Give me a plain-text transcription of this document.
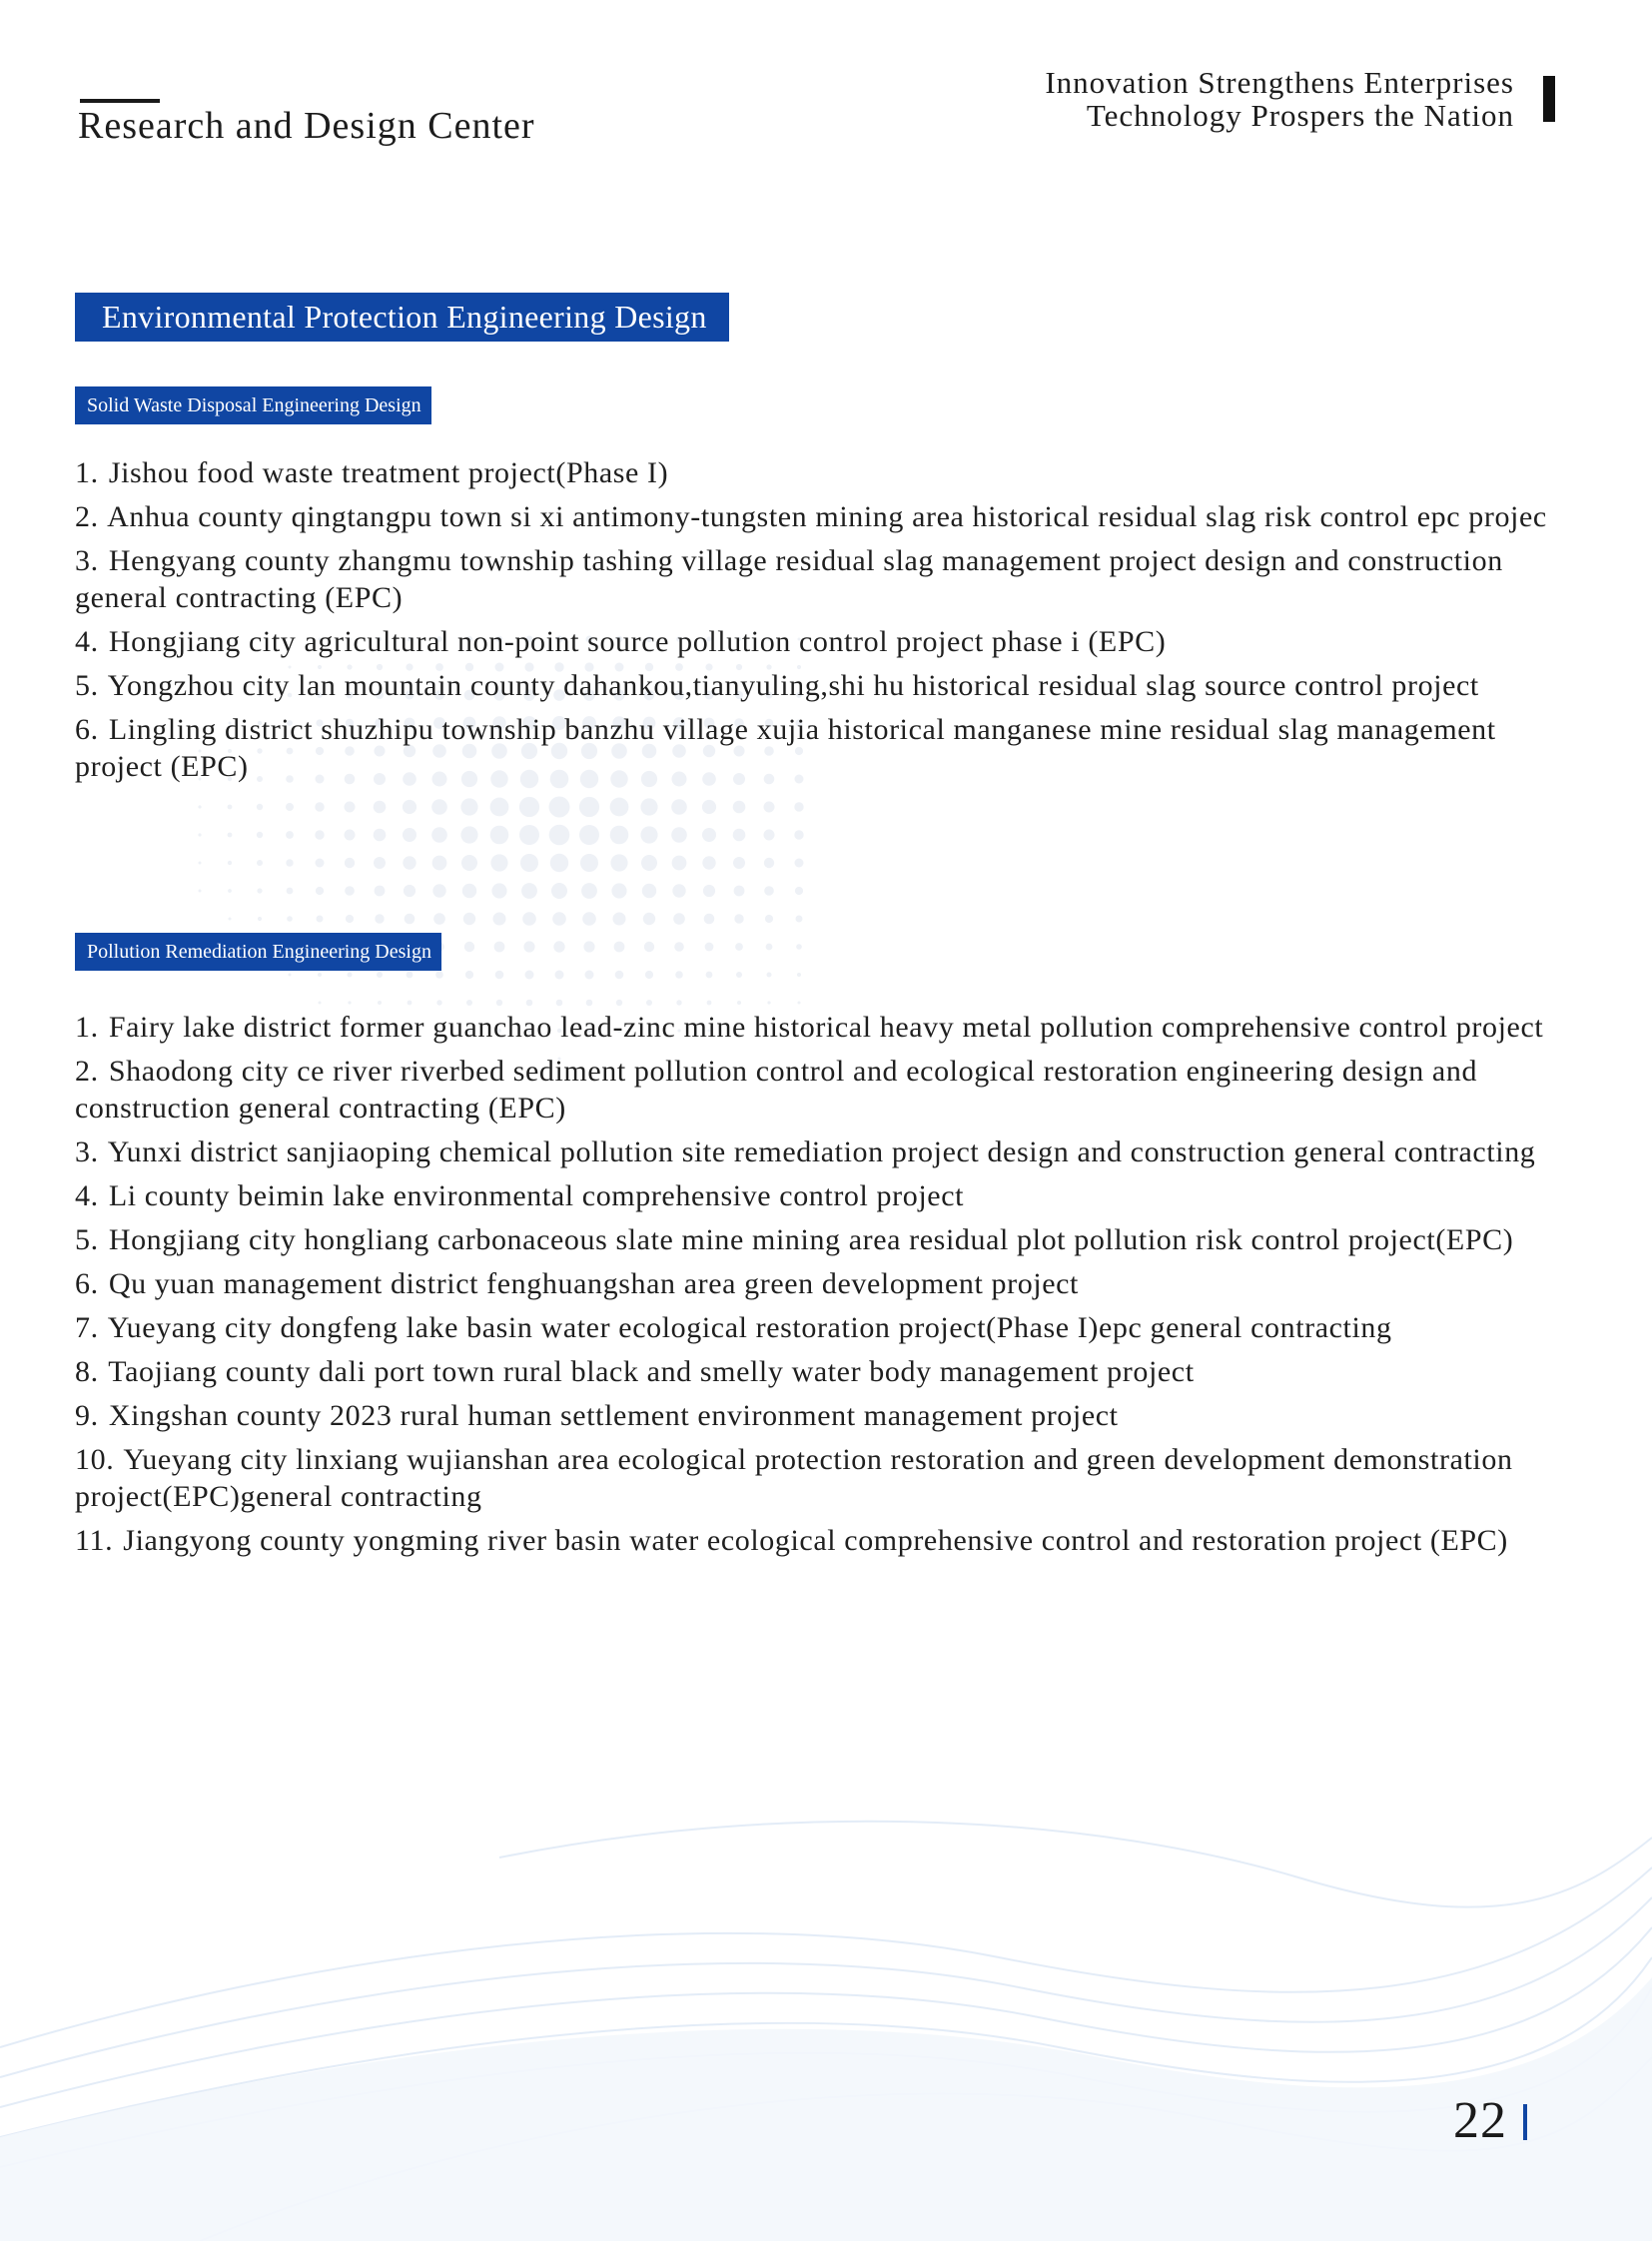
Research and Design Center
Innovation Strengthens Enterprises
Technology Prospers the Nation
Environmental Protection Engineering Design
Solid Waste Disposal Engineering Design
1. Jishou food waste treatment project(Phase I)
2. Anhua county qingtangpu town si xi antimony-tungsten mining area historical residual slag risk control epc projec
3. Hengyang county zhangmu township tashing village residual slag management project design and construction general contracting (EPC)
4. Hongjiang city agricultural non-point source pollution control project phase i (EPC)
5. Yongzhou city lan mountain county dahankou,tianyuling,shi hu historical residual slag source control project
6. Lingling district shuzhipu township banzhu village xujia historical manganese mine residual slag management project (EPC)
Pollution Remediation Engineering Design
1. Fairy lake district former guanchao lead-zinc mine historical heavy metal pollution comprehensive control project
2. Shaodong city ce river riverbed sediment pollution control and ecological restoration engineering design and construction general contracting (EPC)
3. Yunxi district sanjiaoping chemical pollution site remediation project design and construction general contracting
4. Li county beimin lake environmental comprehensive control project
5. Hongjiang city hongliang carbonaceous slate mine mining area residual plot pollution risk control project(EPC)
6. Qu yuan management district fenghuangshan area green development project
7. Yueyang city dongfeng lake basin water ecological restoration project(Phase I)epc general contracting
8. Taojiang county dali port town rural black and smelly water body management project
9. Xingshan county 2023 rural human settlement environment management project
10. Yueyang city linxiang wujianshan area ecological protection restoration and green development demonstration project(EPC)general contracting
11. Jiangyong county yongming river basin water ecological comprehensive control and restoration project (EPC)
22
